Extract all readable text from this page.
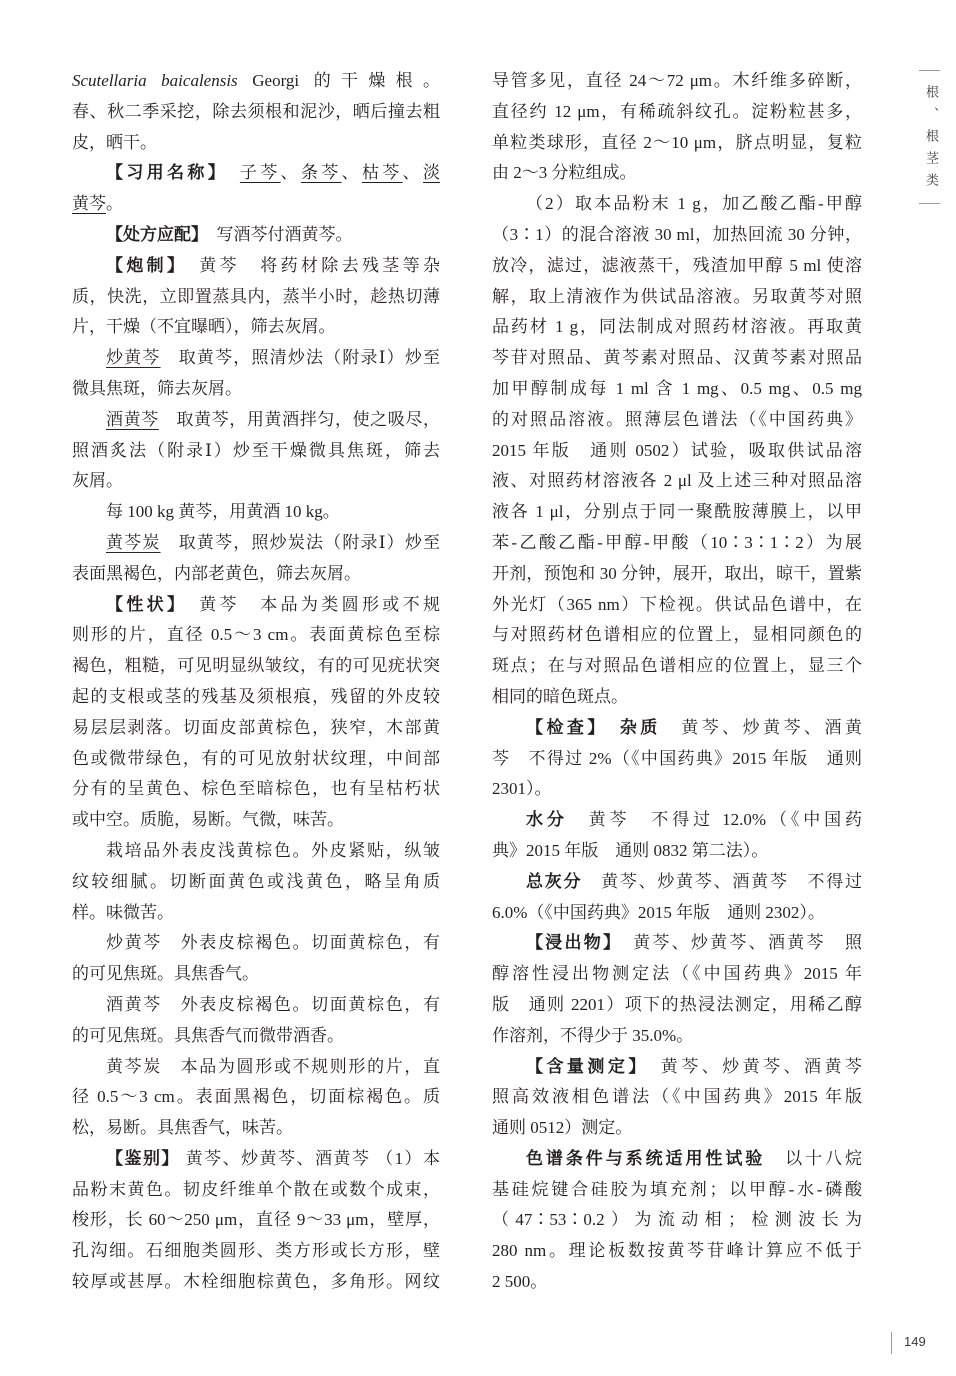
Scutellaria baicalensis Georgi 的干燥根。
春、秋二季采挖，除去须根和泥沙，晒后撞去粗
皮，晒干。
【习用名称】　 子芩、条芩、枯芩、淡
黄芩。
【处方应配】　写酒芩付酒黄芩。
【炮制】　 黄芩　将药材除去残茎等杂
质，快洗，立即置蒸具内，蒸半小时，趁热切薄
片，干燥（不宜曝晒），筛去灰屑。
炒黄芩　取黄芩，照清炒法（附录Ⅰ）炒至
微具焦斑，筛去灰屑。
酒黄芩　取黄芩，用黄酒拌匀，使之吸尽，
照酒炙法（附录Ⅰ）炒至干燥微具焦斑，筛去
灰屑。
每 100 kg 黄芩，用黄酒 10 kg。
黄芩炭　取黄芩，照炒炭法（附录Ⅰ）炒至
表面黑褐色，内部老黄色，筛去灰屑。
【性状】　 黄芩　本品为类圆形或不规
则形的片，直径 0.5～3 cm。表面黄棕色至棕
褐色，粗糙，可见明显纵皱纹，有的可见疣状突
起的支根或茎的残基及须根痕，残留的外皮较
易层层剥落。切面皮部黄棕色，狭窄，木部黄
色或微带绿色，有的可见放射状纹理，中间部
分有的呈黄色、棕色至暗棕色，也有呈枯朽状
或中空。质脆，易断。气微，味苦。
栽培品外表皮浅黄棕色。外皮紧贴，纵皱
纹较细腻。切断面黄色或浅黄色，略呈角质
样。味微苦。
炒黄芩　外表皮棕褐色。切面黄棕色，有
的可见焦斑。具焦香气。
酒黄芩　外表皮棕褐色。切面黄棕色，有
的可见焦斑。具焦香气而微带酒香。
黄芩炭　本品为圆形或不规则形的片，直
径 0.5～3 cm。表面黑褐色，切面棕褐色。质
松，易断。具焦香气，味苦。
【鉴别】 黄芩、炒黄芩、酒黄芩 （1）本
品粉末黄色。韧皮纤维单个散在或数个成束，
梭形，长 60～250 μm，直径 9～33 μm，壁厚，
孔沟细。石细胞类圆形、类方形或长方形，壁
较厚或甚厚。木栓细胞棕黄色，多角形。网纹
导管多见，直径 24～72 μm。木纤维多碎断，
直径约 12 μm，有稀疏斜纹孔。淀粉粒甚多，
单粒类球形，直径 2～10 μm，脐点明显，复粒
由 2～3 分粒组成。
（2）取本品粉末 1 g，加乙酸乙酯-甲醇
（3∶1）的混合溶液 30 ml，加热回流 30 分钟，
放冷，滤过，滤液蒸干，残渣加甲醇 5 ml 使溶
解，取上清液作为供试品溶液。另取黄芩对照
品药材 1 g，同法制成对照药材溶液。再取黄
芩苷对照品、黄芩素对照品、汉黄芩素对照品
加甲醇制成每 1 ml 含 1 mg、0.5 mg、0.5 mg
的对照品溶液。照薄层色谱法（《中国药典》
2015 年版　通则 0502）试验，吸取供试品溶
液、对照药材溶液各 2 μl 及上述三种对照品溶
液各 1 μl，分别点于同一聚酰胺薄膜上，以甲
苯-乙酸乙酯-甲醇-甲酸（10∶3∶1∶2）为展
开剂，预饱和 30 分钟，展开，取出，晾干，置紫
外光灯（365 nm）下检视。供试品色谱中，在
与对照药材色谱相应的位置上，显相同颜色的
斑点；在与对照品色谱相应的位置上，显三个
相同的暗色斑点。
【检查】　 杂质　 黄芩、炒黄芩、酒黄
芩　不得过 2%（《中国药典》2015 年版　通则
2301）。
水分　 黄芩　不得过 12.0%（《中国药
典》2015 年版　通则 0832 第二法）。
总灰分　 黄芩、炒黄芩、酒黄芩　不得过
6.0%（《中国药典》2015 年版　通则 2302）。
【浸出物】　 黄芩、炒黄芩、酒黄芩　照
醇溶性浸出物测定法（《中国药典》2015 年
版　通则 2201）项下的热浸法测定，用稀乙醇
作溶剂，不得少于 35.0%。
【含量测定】　 黄芩、炒黄芩、酒黄芩
照高效液相色谱法（《中国药典》2015 年版
通则 0512）测定。
色谱条件与系统适用性试验　以十八烷
基硅烷键合硅胶为填充剂；以甲醇-水-磷酸
（47∶53∶0.2）为流动相；检测波长为
280 nm。理论板数按黄芩苷峰计算应不低于
2 500。
根、根茎类
149
